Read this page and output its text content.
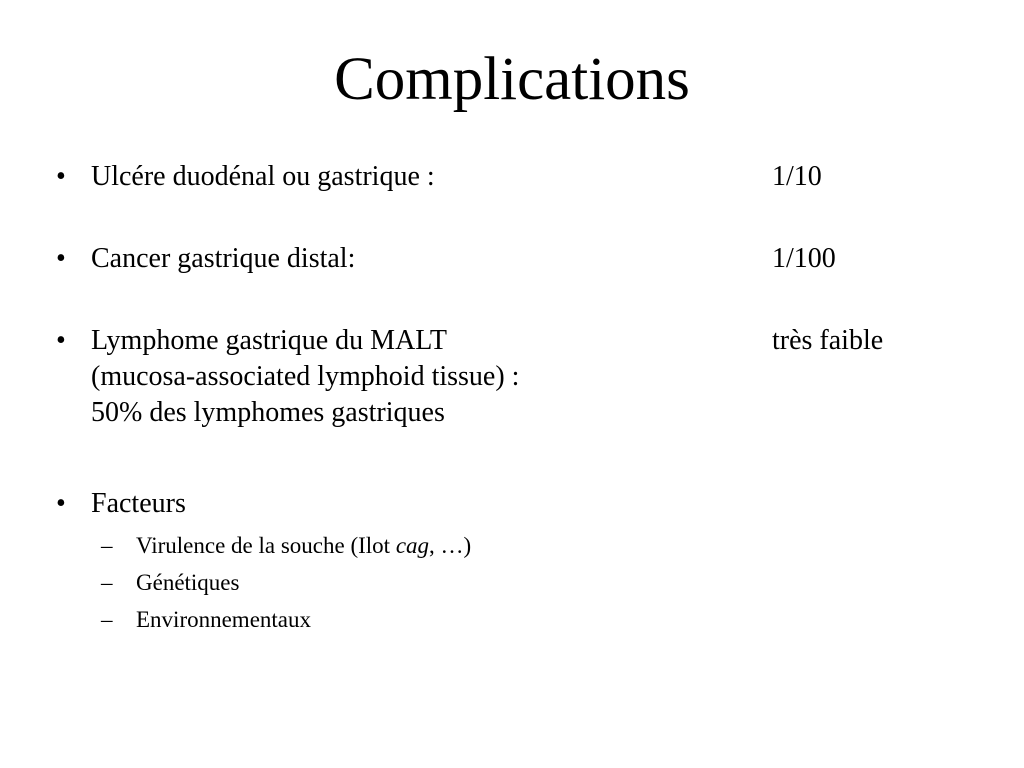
Complications
• Ulcére duodénal ou gastrique :	1/10
• Cancer gastrique distal:	1/100
• Lymphome gastrique du MALT
(mucosa-associated lymphoid tissue) :
50% des lymphomes gastriques
très faible
• Facteurs
– Virulence de la souche (Ilot cag, …)
– Génétiques
– Environnementaux
